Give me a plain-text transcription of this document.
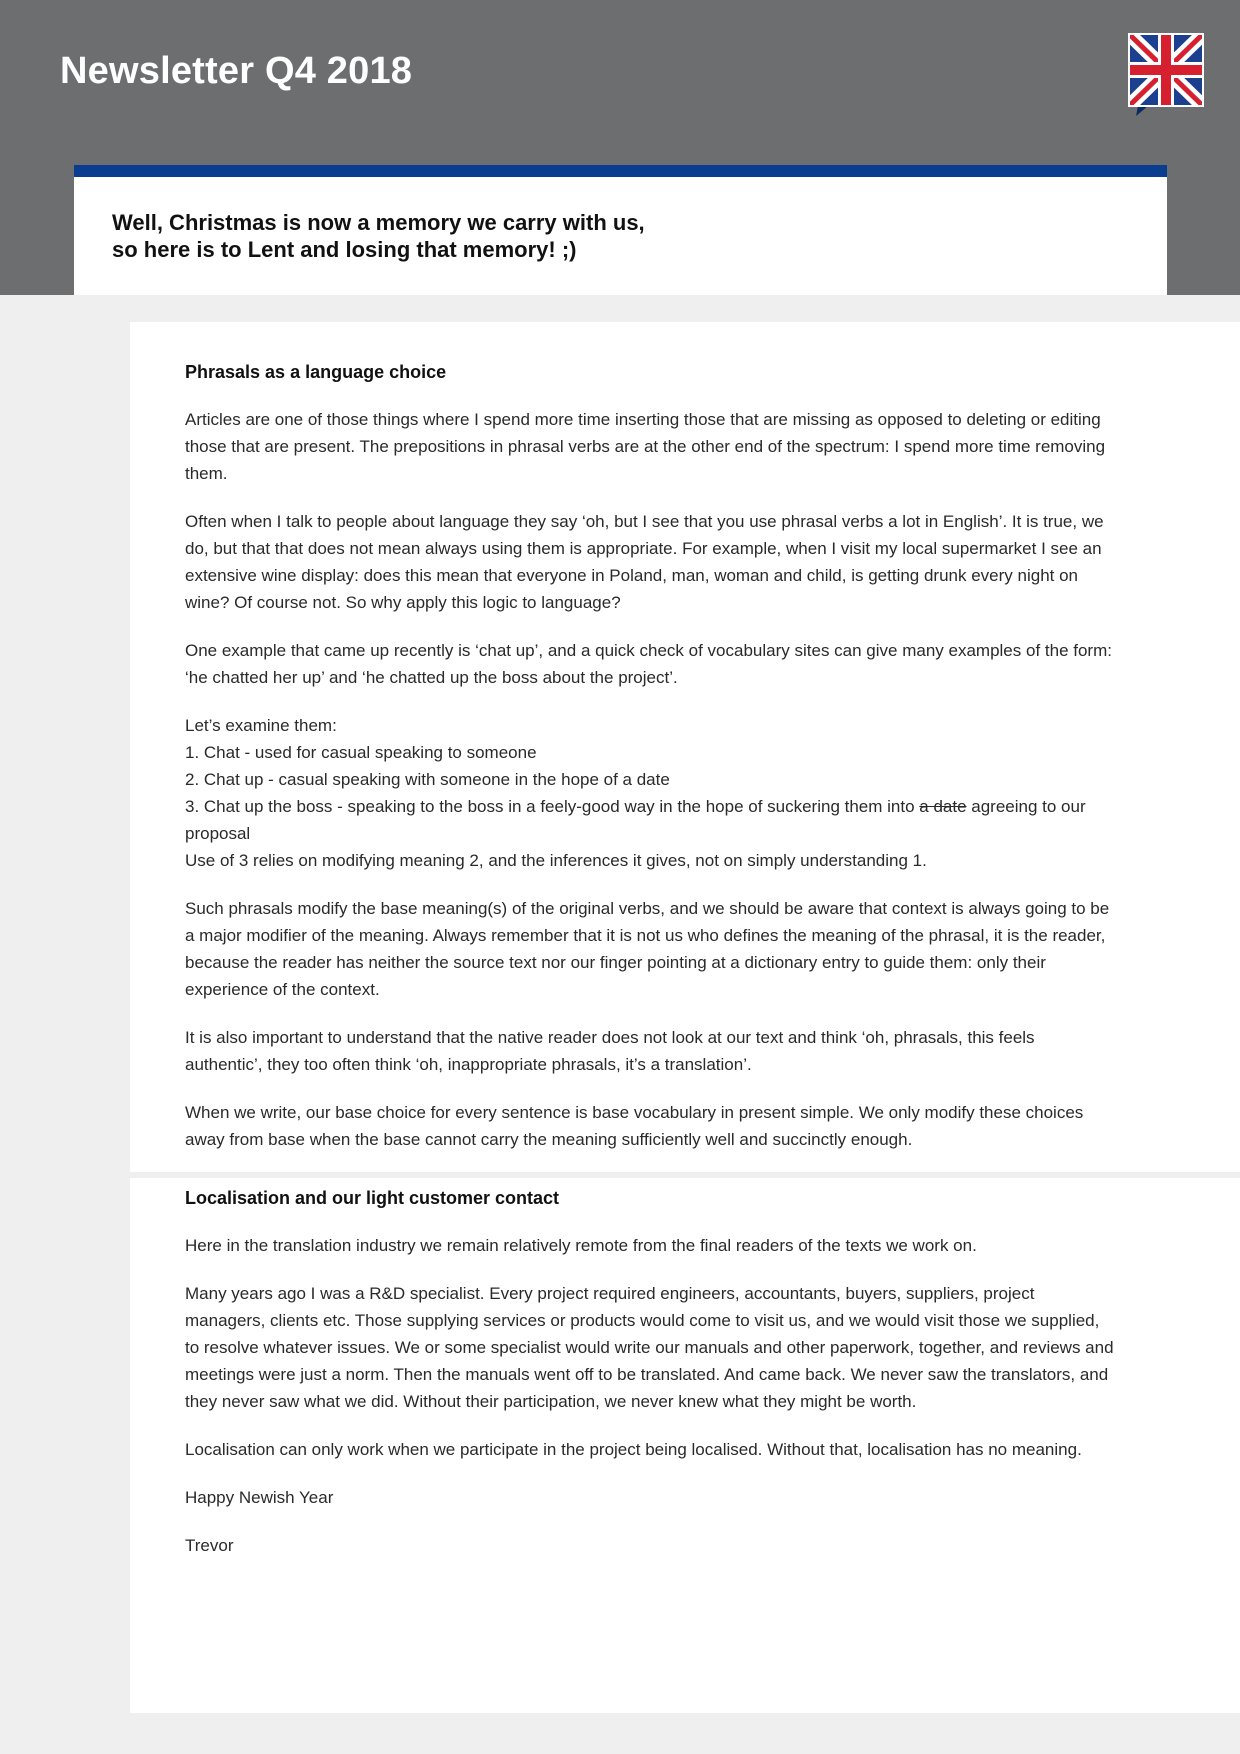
Newsletter Q4 2018

Well, Christmas is now a memory we carry with us,
so here is to Lent and losing that memory! ;)

Phrasals as a language choice

Articles are one of those things where I spend more time inserting those that are missing as opposed to deleting or editing those that are present. The prepositions in phrasal verbs are at the other end of the spectrum: I spend more time removing them.

Often when I talk to people about language they say ‘oh, but I see that you use phrasal verbs a lot in English’. It is true, we do, but that that does not mean always using them is appropriate. For example, when I visit my local supermarket I see an extensive wine display: does this mean that everyone in Poland, man, woman and child, is getting drunk every night on wine? Of course not. So why apply this logic to language?

One example that came up recently is ‘chat up’, and a quick check of vocabulary sites can give many examples of the form: ‘he chatted her up’ and ‘he chatted up the boss about the project’.

Let’s examine them:
1. Chat - used for casual speaking to someone
2. Chat up - casual speaking with someone in the hope of a date
3. Chat up the boss - speaking to the boss in a feely-good way in the hope of suckering them into a date agreeing to our proposal
Use of 3 relies on modifying meaning 2, and the inferences it gives, not on simply understanding 1.

Such phrasals modify the base meaning(s) of the original verbs, and we should be aware that context is always going to be a major modifier of the meaning. Always remember that it is not us who defines the meaning of the phrasal, it is the reader, because the reader has neither the source text nor our finger pointing at a dictionary entry to guide them: only their experience of the context.

It is also important to understand that the native reader does not look at our text and think ‘oh, phrasals, this feels authentic’, they too often think ‘oh, inappropriate phrasals, it’s a translation’.

When we write, our base choice for every sentence is base vocabulary in present simple. We only modify these choices away from base when the base cannot carry the meaning sufficiently well and succinctly enough.

Localisation and our light customer contact

Here in the translation industry we remain relatively remote from the final readers of the texts we work on.

Many years ago I was a R&D specialist. Every project required engineers, accountants, buyers, suppliers, project managers, clients etc. Those supplying services or products would come to visit us, and we would visit those we supplied, to resolve whatever issues. We or some specialist would write our manuals and other paperwork, together, and reviews and meetings were just a norm. Then the manuals went off to be translated. And came back. We never saw the translators, and they never saw what we did. Without their participation, we never knew what they might be worth.

Localisation can only work when we participate in the project being localised. Without that, localisation has no meaning.

Happy Newish Year

Trevor
